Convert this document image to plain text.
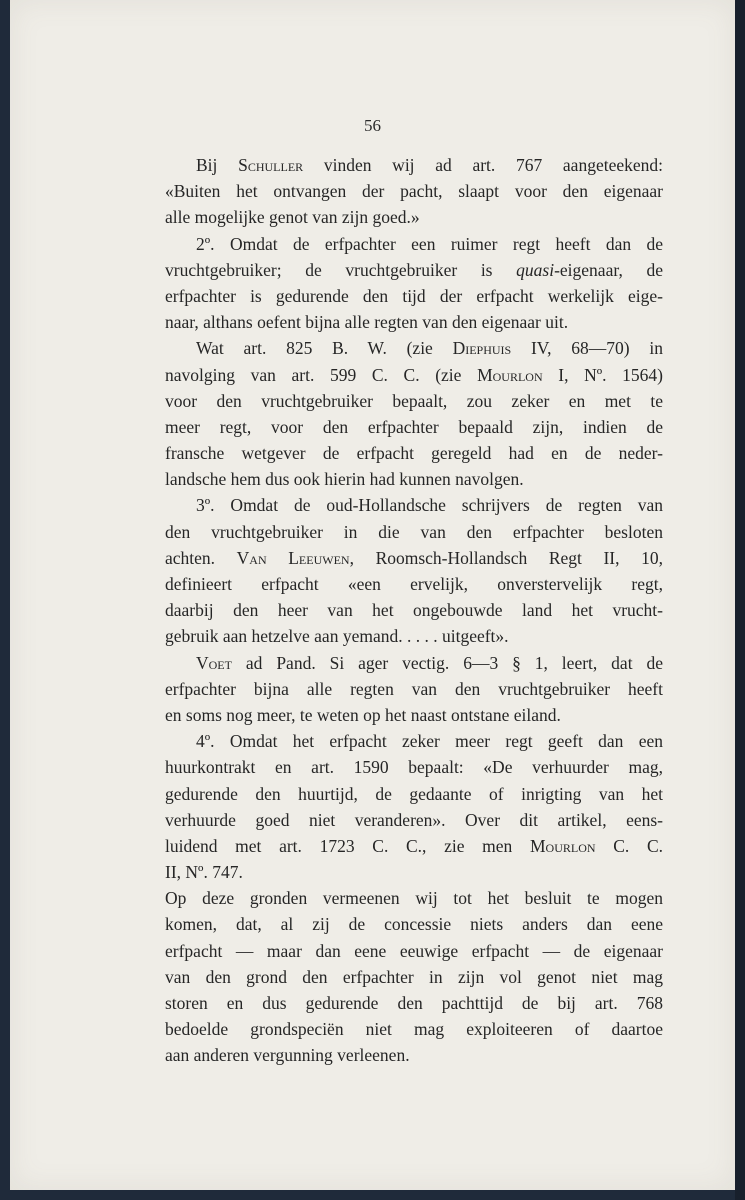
56
Bij Schuller vinden wij ad art. 767 aangeteekend:
«Buiten het ontvangen der pacht, slaapt voor den eigenaar
alle mogelijke genot van zijn goed.»
2º. Omdat de erfpachter een ruimer regt heeft dan de
vruchtgebruiker; de vruchtgebruiker is quasi-eigenaar, de
erfpachter is gedurende den tijd der erfpacht werkelijk eige-
naar, althans oefent bijna alle regten van den eigenaar uit.
Wat art. 825 B. W. (zie Diephuis IV, 68—70) in
navolging van art. 599 C. C. (zie Mourlon I, Nº. 1564)
voor den vruchtgebruiker bepaalt, zou zeker en met te
meer regt, voor den erfpachter bepaald zijn, indien de
fransche wetgever de erfpacht geregeld had en de neder-
landsche hem dus ook hierin had kunnen navolgen.
3º. Omdat de oud-Hollandsche schrijvers de regten van
den vruchtgebruiker in die van den erfpachter besloten
achten. Van Leeuwen, Roomsch-Hollandsch Regt II, 10,
definieert erfpacht «een ervelijk, onverstervelijk regt,
daarbij den heer van het ongebouwde land het vrucht-
gebruik aan hetzelve aan yemand. . . . . uitgeeft».
Voet ad Pand. Si ager vectig. 6—3 § 1, leert, dat de
erfpachter bijna alle regten van den vruchtgebruiker heeft
en soms nog meer, te weten op het naast ontstane eiland.
4º. Omdat het erfpacht zeker meer regt geeft dan een
huurkontrakt en art. 1590 bepaalt: «De verhuurder mag,
gedurende den huurtijd, de gedaante of inrigting van het
verhuurde goed niet veranderen». Over dit artikel, eens-
luidend met art. 1723 C. C., zie men Mourlon C. C.
II, Nº. 747.
Op deze gronden vermeenen wij tot het besluit te mogen
komen, dat, al zij de concessie niets anders dan eene
erfpacht — maar dan eene eeuwige erfpacht — de eigenaar
van den grond den erfpachter in zijn vol genot niet mag
storen en dus gedurende den pachttijd de bij art. 768
bedoelde grondspeciën niet mag exploiteeren of daartoe
aan anderen vergunning verleenen.
